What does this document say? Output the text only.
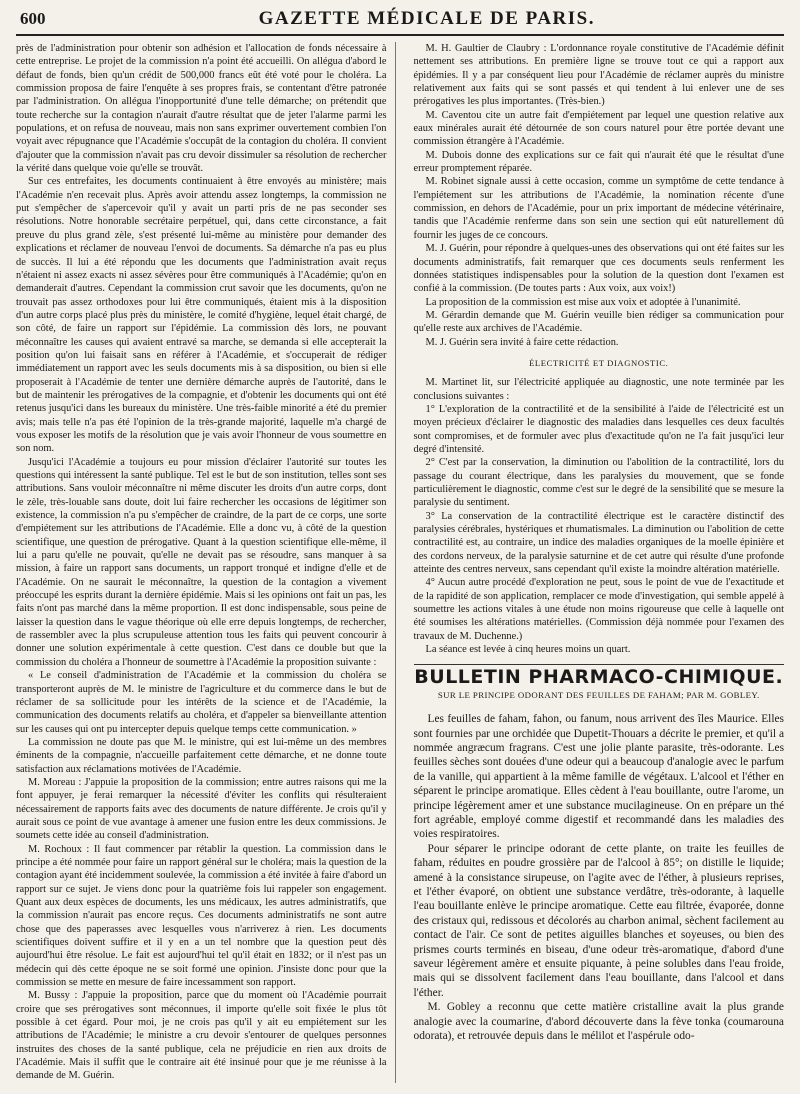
600	GAZETTE MÉDICALE DE PARIS.

près de l'administration pour obtenir son adhésion et l'allocation de fonds nécessaire à cette entreprise. Le projet de la commission n'a point été accueilli. On allégua d'abord le défaut de fonds, bien qu'un crédit de 500,000 francs eût été voté pour le choléra. La commission proposa de faire l'enquête à ses propres frais, se contentant d'être patronée par l'administration. On allégua l'inopportunité d'une telle démarche; on prétendit que toute recherche sur la contagion n'aurait d'autre résultat que de jeter l'alarme parmi les populations, et on refusa de nouveau, mais non sans exprimer ouvertement combien l'on voyait avec répugnance que l'Académie s'occupât de la contagion du choléra. Il convient d'ajouter que la commission n'avait pas cru devoir dissimuler sa résolution de rechercher la vérité dans quelque voie qu'elle se trouvât.

Sur ces entrefaites, les documents continuaient à être envoyés au ministère; mais l'Académie n'en recevait plus. Après avoir attendu assez longtemps, la commission ne put s'empêcher de s'apercevoir qu'il y avait un parti pris de ne pas seconder ses résolutions. Notre honorable secrétaire perpétuel, qui, dans cette circonstance, a fait preuve du plus grand zèle, s'est présenté lui-même au ministère pour demander des explications et réclamer de nouveau l'envoi de documents. Sa démarche n'a pas eu plus de succès. Il lui a été répondu que les documents que l'administration avait reçus n'étaient ni assez exacts ni assez sévères pour être communiqués à l'Académie; qu'on en demanderait d'autres. Cependant la commission crut savoir que les documents, qu'on ne trouvait pas assez orthodoxes pour lui être communiqués, étaient mis à la disposition d'un autre corps placé plus près du ministère, le comité d'hygiène, lequel était chargé, de son côté, de faire un rapport sur l'épidémie. La commission dès lors, ne pouvant méconnaître les causes qui avaient entravé sa marche, se demanda si elle accepterait la position qu'on lui faisait sans en référer à l'Académie, et s'occuperait de rédiger immédiatement un rapport avec les seuls documents mis à sa disposition, ou bien si elle proposerait à l'Académie de tenter une dernière démarche auprès de l'autorité, dans le but de maintenir les prérogatives de la compagnie, et d'obtenir les documents qui ont été retenus jusqu'ici dans les bureaux du ministère. Une très-faible minorité a été du premier avis; mais telle n'a pas été l'opinion de la très-grande majorité, laquelle m'a chargé de vous exposer les motifs de la résolution que je vais avoir l'honneur de vous soumettre en son nom.

Jusqu'ici l'Académie a toujours eu pour mission d'éclairer l'autorité sur toutes les questions qui intéressent la santé publique. Tel est le but de son institution, telles sont ses attributions. Sans vouloir méconnaître ni même discuter les droits d'un autre corps, dont le zèle, très-louable sans doute, doit lui faire rechercher les occasions de légitimer son existence, la commission n'a pu s'empêcher de craindre, de la part de ce corps, une sorte d'empiétement sur les attributions de l'Académie. Elle a donc vu, à côté de la question scientifique, une question de prérogative. Quant à la question scientifique elle-même, il lui a paru qu'elle ne pouvait, qu'elle ne devait pas se résoudre, sans manquer à sa mission, à faire un rapport sans documents, un rapport tronqué et indigne d'elle et de l'Académie. On ne saurait le méconnaître, la question de la contagion a vivement préoccupé les esprits durant la dernière épidémie. Mais si les opinions ont fait un pas, les faits n'ont pas marché dans la même proportion. Il est donc indispensable, sous peine de laisser la question dans le vague théorique où elle erre depuis longtemps, de rechercher, de rassembler avec la plus scrupuleuse attention tous les faits qui peuvent concourir à donner une solution expérimentale à cette question. C'est dans ce double but que la commission du choléra a l'honneur de soumettre à l'Académie la proposition suivante :

« Le conseil d'administration de l'Académie et la commission du choléra se transporteront auprès de M. le ministre de l'agriculture et du commerce dans le but de réclamer de sa sollicitude pour les intérêts de la science et de l'Académie, la communication des documents relatifs au choléra, et d'appeler sa bienveillante attention sur les causes qui ont pu intercepter depuis quelque temps cette communication. »

La commission ne doute pas que M. le ministre, qui est lui-même un des membres éminents de la compagnie, n'accueille parfaitement cette démarche, et ne donne toute satisfaction aux réclamations motivées de l'Académie.

M. Moreau : J'appuie la proposition de la commission; entre autres raisons qui me la font appuyer, je ferai remarquer la nécessité d'éviter les conflits qui résulteraient nécessairement de rapports faits avec des documents de nature différente. Je crois qu'il y aurait sous ce point de vue avantage à amener une fusion entre les deux commissions. Je soumets cette idée au conseil d'administration.

M. Rochoux : Il faut commencer par rétablir la question. La commission dans le principe a été nommée pour faire un rapport général sur le choléra; mais la question de la contagion ayant été incidemment soulevée, la commission a été invitée à faire d'abord un rapport sur ce sujet. Je viens donc pour la quatrième fois lui rappeler son engagement. Quant aux deux espèces de documents, les uns médicaux, les autres administratifs, que la commission n'aurait pas encore reçus. Ces documents administratifs ne sont autre chose que des paperasses avec lesquelles vous n'arriverez à rien. Les documents scientifiques doivent suffire et il y en a un tel nombre que la question peut dès aujourd'hui être résolue. Le fait est aujourd'hui tel qu'il était en 1832; or il n'est pas un médecin qui dès cette époque ne se soit formé une opinion. J'insiste donc pour que la commission se mette en mesure de faire incessamment son rapport.

M. Bussy : J'appuie la proposition, parce que du moment où l'Académie pourrait croire que ses prérogatives sont méconnues, il importe qu'elle soit fixée le plus tôt possible à cet égard. Pour moi, je ne crois pas qu'il y ait eu empiétement sur les attributions de l'Académie; le ministre a cru devoir s'entourer de quelques personnes instruites des choses de la santé publique, cela ne préjudicie en rien aux droits de l'Académie. Mais il suffit que le contraire ait été insinué pour que je me réunisse à la demande de M. Guérin.

M. H. Gaultier de Claubry : L'ordonnance royale constitutive de l'Académie définit nettement ses attributions. En première ligne se trouve tout ce qui a rapport aux épidémies. Il y a par conséquent lieu pour l'Académie de réclamer auprès du ministre relativement aux faits qui se sont passés et qui tendent à lui enlever une de ses prérogatives les plus importantes. (Très-bien.)

M. Caventou cite un autre fait d'empiétement par lequel une question relative aux eaux minérales aurait été détournée de son cours naturel pour être portée devant une commission étrangère à l'Académie.

M. Dubois donne des explications sur ce fait qui n'aurait été que le résultat d'une erreur promptement réparée.

M. Robinet signale aussi à cette occasion, comme un symptôme de cette tendance à l'empiétement sur les attributions de l'Académie, la nomination récente d'une commission, en dehors de l'Académie, pour un prix important de médecine vétérinaire, tandis que l'Académie renferme dans son sein une section qui eût naturellement dû fournir les juges de ce concours.

M. J. Guérin, pour répondre à quelques-unes des observations qui ont été faites sur les documents administratifs, fait remarquer que ces documents seuls renferment les données statistiques indispensables pour la solution de la question dont l'examen est confié à la commission. (De toutes parts : Aux voix, aux voix!)

La proposition de la commission est mise aux voix et adoptée à l'unanimité.

M. Gérardin demande que M. Guérin veuille bien rédiger sa communication pour qu'elle reste aux archives de l'Académie.

M. J. Guérin sera invité à faire cette rédaction.

ÉLECTRICITÉ ET DIAGNOSTIC.

M. Martinet lit, sur l'électricité appliquée au diagnostic, une note terminée par les conclusions suivantes :

1° L'exploration de la contractilité et de la sensibilité à l'aide de l'électricité est un moyen précieux d'éclairer le diagnostic des maladies dans lesquelles ces deux facultés sont compromises, et de formuler avec plus d'exactitude qu'on ne l'a fait jusqu'ici leur degré d'intensité.

2° C'est par la conservation, la diminution ou l'abolition de la contractilité, lors du passage du courant électrique, dans les paralysies du mouvement, que se fonde particulièrement le diagnostic, comme c'est sur le degré de la sensibilité que se mesure la paralysie du sentiment.

3° La conservation de la contractilité électrique est le caractère distinctif des paralysies cérébrales, hystériques et rhumatismales. La diminution ou l'abolition de cette contractilité est, au contraire, un indice des maladies organiques de la moelle épinière et des cordons nerveux, de la paralysie saturnine et de cet autre qui résulte d'une profonde atteinte des centres nerveux, sans cependant qu'il existe la moindre altération matérielle.

4° Aucun autre procédé d'exploration ne peut, sous le point de vue de l'exactitude et de la rapidité de son application, remplacer ce mode d'investigation, qui semble appelé à soumettre les actions vitales à une étude non moins rigoureuse que celle à laquelle ont été soumises les altérations matérielles. (Commission déjà nommée pour l'examen des travaux de M. Duchenne.)

La séance est levée à cinq heures moins un quart.

BULLETIN PHARMACO-CHIMIQUE.
SUR LE PRINCIPE ODORANT DES FEUILLES DE FAHAM; PAR M. GOBLEY.

Les feuilles de faham, fahon, ou fanum, nous arrivent des îles Maurice. Elles sont fournies par une orchidée que Dupetit-Thouars a décrite le premier, et qu'il a nommée angræcum fragrans. C'est une jolie plante parasite, très-odorante. Les feuilles sèches sont douées d'une odeur qui a beaucoup d'analogie avec le parfum de la vanille, qui appartient à la même famille de végétaux. L'alcool et l'éther en séparent le principe aromatique. Elles cèdent à l'eau bouillante, outre l'arome, un principe légèrement amer et une substance mucilagineuse. On en prépare un thé fort agréable, employé comme digestif et recommandé dans les maladies des voies respiratoires.

Pour séparer le principe odorant de cette plante, on traite les feuilles de faham, réduites en poudre grossière par de l'alcool à 85°; on distille le liquide; amené à la consistance sirupeuse, on l'agite avec de l'éther, à plusieurs reprises, et l'éther évaporé, on obtient une substance verdâtre, très-odorante, à laquelle l'eau bouillante enlève le principe aromatique. Cette eau filtrée, évaporée, donne des cristaux qui, redissous et décolorés au charbon animal, sèchent facilement au contact de l'air. Ce sont de petites aiguilles blanches et soyeuses, ou bien des prismes courts terminés en biseau, d'une odeur très-aromatique, d'abord d'une saveur légèrement amère et ensuite piquante, à peine solubles dans l'eau froide, mais qui se dissolvent facilement dans l'eau bouillante, dans l'alcool et dans l'éther.

M. Gobley a reconnu que cette matière cristalline avait la plus grande analogie avec la coumarine, d'abord découverte dans la fève tonka (coumarouna odorata), et retrouvée depuis dans le mélilot et l'aspérule odo-
